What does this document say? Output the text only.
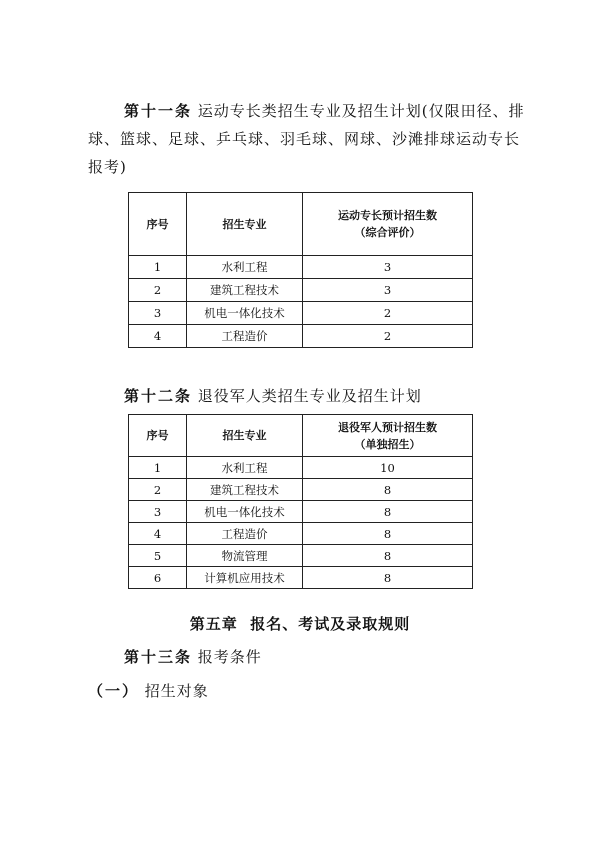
第十一条 运动专长类招生专业及招生计划(仅限田径、排球、篮球、足球、乒乓球、羽毛球、网球、沙滩排球运动专长报考)
序号	招生专业	运动专长预计招生数
（综合评价）

1	水利工程	3
2	建筑工程技术	3
3	机电一体化技术	2
4	工程造价	2
第十二条 退役军人类招生专业及招生计划
序号	招生专业	退役军人预计招生数
（单独招生）

1	水利工程	10
2	建筑工程技术	8
3	机电一体化技术	8
4	工程造价	8
5	物流管理	8
6	计算机应用技术	8
第五章  报名、考试及录取规则
第十三条 报考条件
（一） 招生对象
